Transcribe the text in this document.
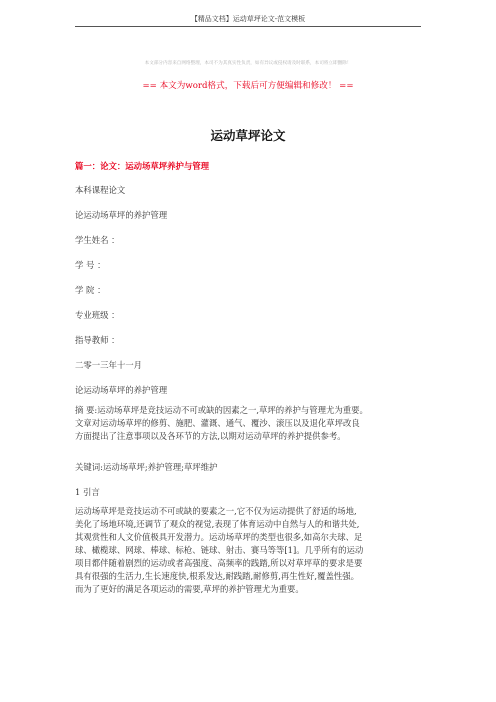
【精品文档】运动草坪论文-范文模板
本文部分内容来自网络整理，本司不为其真实性负责，如有异议或侵权请及时联系，本司将立即删除！
== 本文为word格式，下载后可方便编辑和修改！ ==
运动草坪论文
篇一：论文：运动场草坪养护与管理
本科课程论文
论运动场草坪的养护管理
学生姓名 ：
学 号 ：
学 院 ：
专业班级 ：
指导教师 ：
二零一三年十一月
论运动场草坪的养护管理
摘 要:运动场草坪是竞技运动不可或缺的因素之一,草坪的养护与管理尤为重要。
文章对运动场草坪的修剪、施肥、灌溉、通气、覆沙、滚压以及退化草坪改良
方面提出了注意事项以及各环节的方法,以期对运动草坪的养护提供参考。
关键词:运动场草坪;养护管理;草坪维护
1 引言
运动场草坪是竞技运动不可或缺的要素之一,它不仅为运动提供了舒适的场地,
美化了场地环境,还调节了观众的视觉,表现了体育运动中自然与人的和谐共处,
其观赏性和人文价值极具开发潜力。运动场草坪的类型也很多,如高尔夫球、足
球、橄榄球、网球、棒球、标枪、链球、射击、赛马等等[1]。几乎所有的运动
项目都伴随着剧烈的运动或者高强度、高频率的践踏,所以对草坪草的要求是要
具有很强的生活力,生长速度快,根系发达,耐践踏,耐修剪,再生性好,覆盖性强。
而为了更好的满足各项运动的需要,草坪的养护管理尤为重要。
